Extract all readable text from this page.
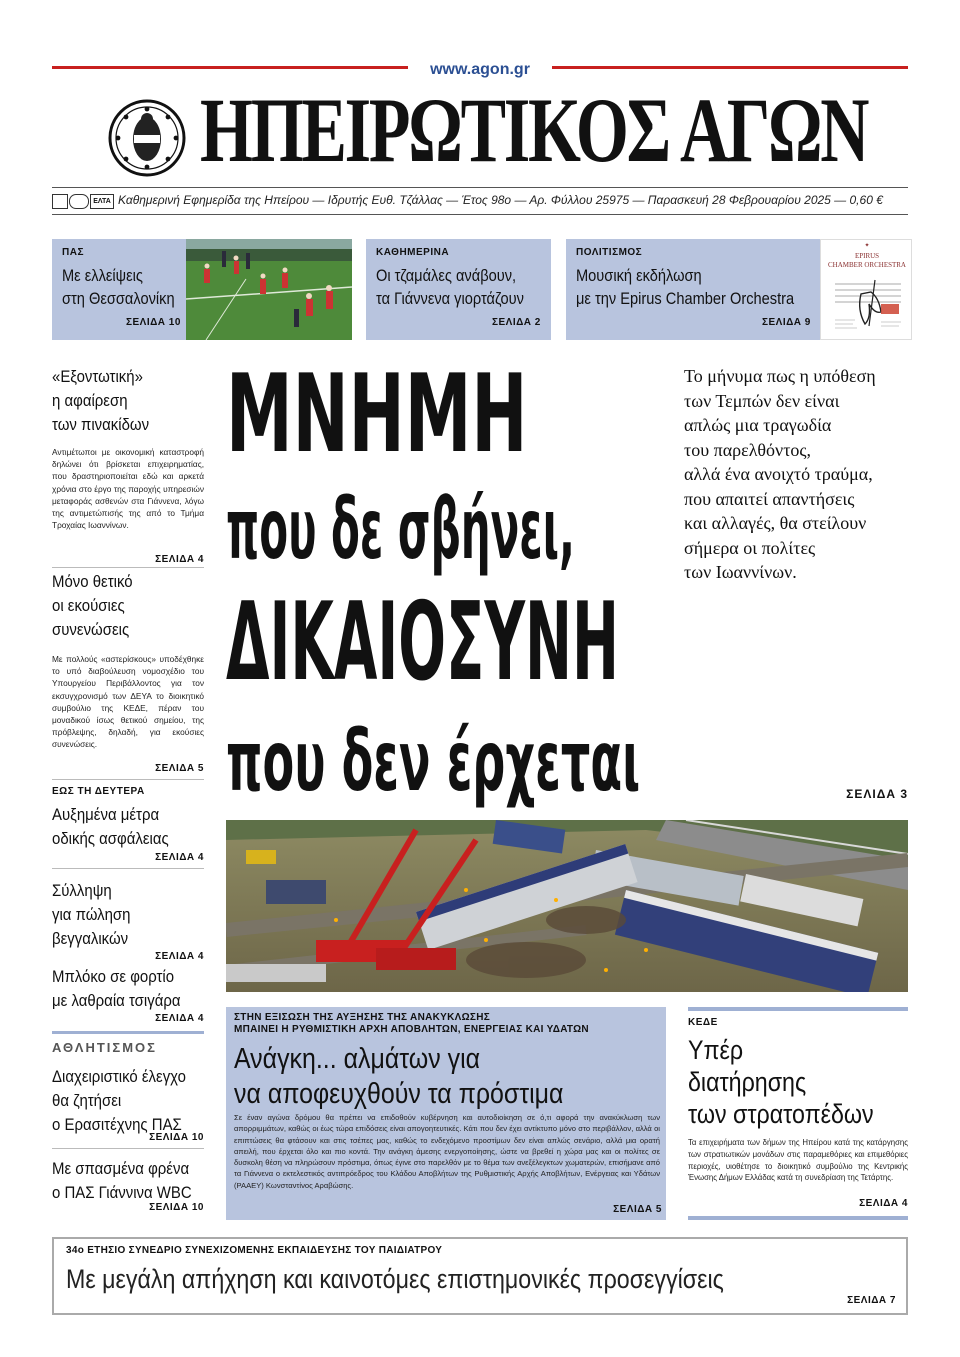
www.agon.gr
ΗΠΕΙΡΩΤΙΚΟΣ ΑΓΩΝ
ΕΛΤΑ Καθημερινή Εφημερίδα της Ηπείρου — Ιδρυτής Ευθ. Τζάλλας — Έτος 98ο — Αρ. Φύλλου 25975 — Παρασκευή 28 Φεβρουαρίου 2025 — 0,60 €
ΠΑΣ
Με ελλείψεις
στη Θεσσαλονίκη
ΣΕΛΙΔΑ 10
ΚΑΘΗΜΕΡΙΝΑ
Οι τζαμάλες ανάβουν,
τα Γιάννενα γιορτάζουν
ΣΕΛΙΔΑ 2
ΠΟΛΙΤΙΣΜΟΣ
Μουσική εκδήλωση
με την Epirus Chamber Orchestra
ΣΕΛΙΔΑ 9
✦
EPIRUS
CHAMBER ORCHESTRA
«Εξοντωτική»
η αφαίρεση
των πινακίδων
Αντιμέτωποι με οικονομική καταστροφή δηλώνει ότι βρίσκεται επιχειρηματίας, που δραστηριοποιείται εδώ και αρκετά χρόνια στο έργο της παροχής υπηρεσιών μεταφοράς ασθενών στα Γιάννενα, λόγω της αντιμετώπισής της από το Τμήμα Τροχαίας Ιωαννίνων.
ΣΕΛΙΔΑ 4
Μόνο θετικό
οι εκούσιες
συνενώσεις
Με πολλούς «αστερίσκους» υποδέχθηκε το υπό διαβούλευση νομοσχέδιο του Υπουργείου Περιβάλλοντος για τον εκσυγχρονισμό των ΔΕΥΑ το διοικητικό συμβούλιο της ΚΕΔΕ, πέραν του μοναδικού ίσως θετικού σημείου, της πρόβλεψης, δηλαδή, για εκούσιες συνενώσεις.
ΣΕΛΙΔΑ 5
ΕΩΣ ΤΗ ΔΕΥΤΕΡΑ
Αυξημένα μέτρα
οδικής ασφάλειας
ΣΕΛΙΔΑ 4
Σύλληψη
για πώληση
βεγγαλικών
ΣΕΛΙΔΑ 4
Μπλόκο σε φορτίο
με λαθραία τσιγάρα
ΣΕΛΙΔΑ 4
ΑΘΛΗΤΙΣΜΟΣ
Διαχειριστικό έλεγχο
θα ζητήσει
ο Ερασιτέχνης ΠΑΣ
ΣΕΛΙΔΑ 10
Με σπασμένα φρένα
ο ΠΑΣ Γιάννινα WBC
ΣΕΛΙΔΑ 10
ΜΝΗΜΗ
που δε σβήνει,
ΔΙΚΑΙΟΣΥΝΗ
που δεν έρχεται
Το μήνυμα πως η υπόθεση
των Τεμπών δεν είναι
απλώς μια τραγωδία
του παρελθόντος,
αλλά ένα ανοιχτό τραύμα,
που απαιτεί απαντήσεις
και αλλαγές, θα στείλουν
σήμερα οι πολίτες
των Ιωαννίνων.
ΣΕΛΙΔΑ 3
ΣΤΗΝ ΕΞΙΣΩΣΗ ΤΗΣ ΑΥΞΗΣΗΣ ΤΗΣ ΑΝΑΚΥΚΛΩΣΗΣ
ΜΠΑΙΝΕΙ Η ΡΥΘΜΙΣΤΙΚΗ ΑΡΧΗ ΑΠΟΒΛΗΤΩΝ, ΕΝΕΡΓΕΙΑΣ ΚΑΙ ΥΔΑΤΩΝ
Ανάγκη... αλμάτων για
να αποφευχθούν τα πρόστιμα
Σε έναν αγώνα δρόμου θα πρέπει να επιδοθούν κυβέρνηση και αυτοδιοίκηση σε ό,τι αφορά την ανακύκλωση των απορριμμάτων, καθώς οι έως τώρα επιδόσεις είναι απογοητευτικές. Κάτι που δεν έχει αντίκτυπο μόνο στο περιβάλλον, αλλά οι επιπτώσεις θα φτάσουν και στις τσέπες μας, καθώς το ενδεχόμενο προστίμων δεν είναι απλώς σενάριο, αλλά μια ορατή απειλή, που έρχεται όλο και πιο κοντά. Την ανάγκη άμεσης ενεργοποίησης, ώστε να βρεθεί η χώρα μας και οι πολίτες σε δυσκολη θέση να πληρώσουν πρόστιμα, όπως έγινε στο παρελθόν με το θέμα των ανεξέλεγκτων χωματερών, επισήμανε από τα Γιάννενα ο εκτελεστικός αντιπρόεδρος του Κλάδου Αποβλήτων της Ρυθμιστικής Αρχής Αποβλήτων, Ενέργειας και Υδάτων (ΡΑΑΕΥ) Κωνσταντίνος Αραβώσης.
ΣΕΛΙΔΑ 5
ΚΕΔΕ
Υπέρ
διατήρησης
των στρατοπέδων
Τα επιχειρήματα των δήμων της Ηπείρου κατά της κατάργησης των στρατιωτικών μονάδων στις παραμεθόριες και επιμεθόριες περιοχές, υιοθέτησε το διοικητικό συμβούλιο της Κεντρικής Ένωσης Δήμων Ελλάδας κατά τη συνεδρίαση της Τετάρτης.
ΣΕΛΙΔΑ 4
34ο ΕΤΗΣΙΟ ΣΥΝΕΔΡΙΟ ΣΥΝΕΧΙΖΟΜΕΝΗΣ ΕΚΠΑΙΔΕΥΣΗΣ ΤΟΥ ΠΑΙΔΙΑΤΡΟΥ
Με μεγάλη απήχηση και καινοτόμες επιστημονικές προσεγγίσεις
ΣΕΛΙΔΑ 7
